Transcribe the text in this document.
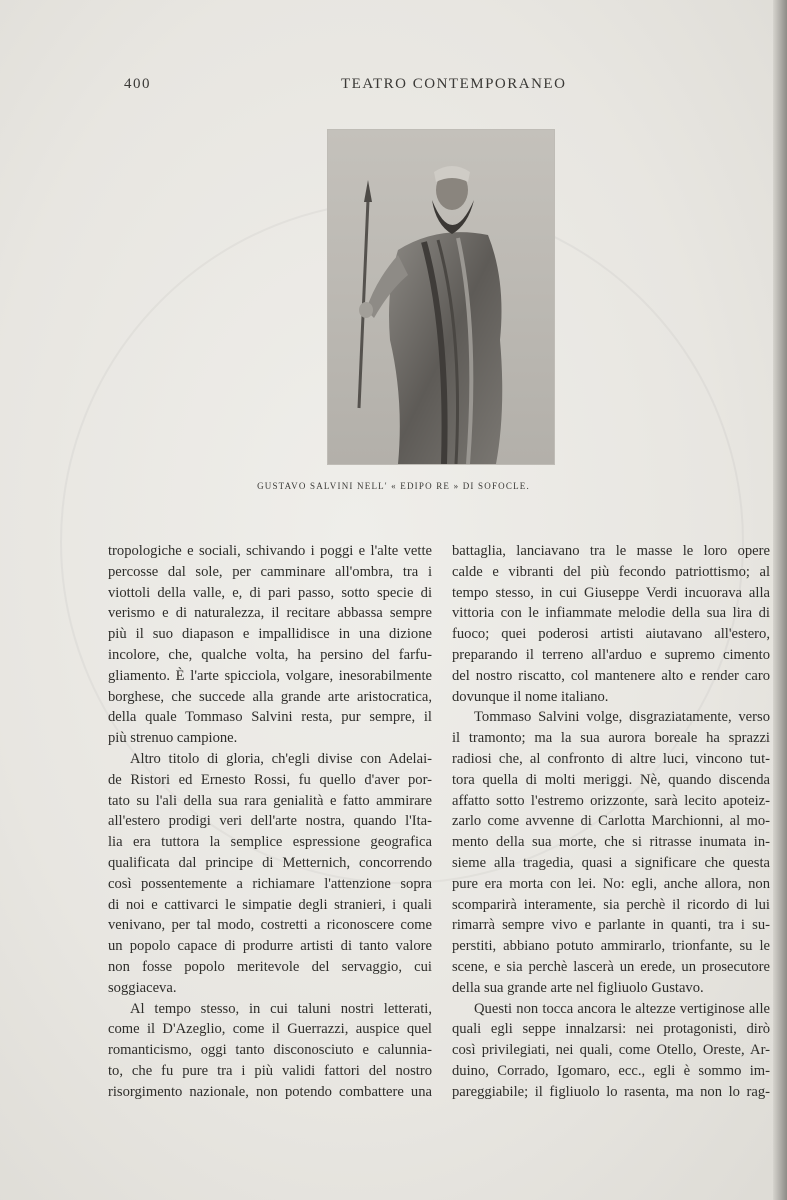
400	TEATRO CONTEMPORANEO
GUSTAVO SALVINI NELL' « EDIPO RE » DI SOFOCLE.
tropologiche e sociali, schivando i poggi e l'alte vette
percosse dal sole, per camminare all'ombra, tra i
viottoli della valle, e, di pari passo, sotto specie di
verismo e di naturalezza, il recitare abbassa sempre
più il suo diapason e impallidisce in una dizione
incolore, che, qualche volta, ha persino del farfu-
gliamento. È l'arte spicciola, volgare, inesorabilmente
borghese, che succede alla grande arte aristocratica,
della quale Tommaso Salvini resta, pur sempre, il
più strenuo campione.
Altro titolo di gloria, ch'egli divise con Adelai-
de Ristori ed Ernesto Rossi, fu quello d'aver por-
tato su l'ali della sua rara genialità e fatto ammirare
all'estero prodigi veri dell'arte nostra, quando l'Ita-
lia era tuttora la semplice espressione geografica
qualificata dal principe di Metternich, concorrendo
così possentemente a richiamare l'attenzione sopra
di noi e cattivarci le simpatie degli stranieri, i quali
venivano, per tal modo, costretti a riconoscere come
un popolo capace di produrre artisti di tanto valore
non fosse popolo meritevole del servaggio, cui
soggiaceva.
Al tempo stesso, in cui taluni nostri letterati,
come il D'Azeglio, come il Guerrazzi, auspice quel
romanticismo, oggi tanto disconosciuto e calunnia-
to, che fu pure tra i più validi fattori del nostro
risorgimento nazionale, non potendo combattere una
battaglia, lanciavano tra le masse le loro opere
calde e vibranti del più fecondo patriottismo; al
tempo stesso, in cui Giuseppe Verdi incuorava alla
vittoria con le infiammate melodie della sua lira di
fuoco; quei poderosi artisti aiutavano all'estero,
preparando il terreno all'arduo e supremo cimento
del nostro riscatto, col mantenere alto e render caro
dovunque il nome italiano.
Tommaso Salvini volge, disgraziatamente, verso
il tramonto; ma la sua aurora boreale ha sprazzi
radiosi che, al confronto di altre luci, vincono tut-
tora quella di molti meriggi. Nè, quando discenda
affatto sotto l'estremo orizzonte, sarà lecito apoteiz-
zarlo come avvenne di Carlotta Marchionni, al mo-
mento della sua morte, che si ritrasse inumata in-
sieme alla tragedia, quasi a significare che questa
pure era morta con lei. No: egli, anche allora, non
scomparirà interamente, sia perchè il ricordo di lui
rimarrà sempre vivo e parlante in quanti, tra i su-
perstiti, abbiano potuto ammirarlo, trionfante, su le
scene, e sia perchè lascerà un erede, un prosecutore
della sua grande arte nel figliuolo Gustavo.
Questi non tocca ancora le altezze vertiginose alle
quali egli seppe innalzarsi: nei protagonisti, dirò
così privilegiati, nei quali, come Otello, Oreste, Ar-
duino, Corrado, Igomaro, ecc., egli è sommo im-
pareggiabile; il figliuolo lo rasenta, ma non lo rag-
